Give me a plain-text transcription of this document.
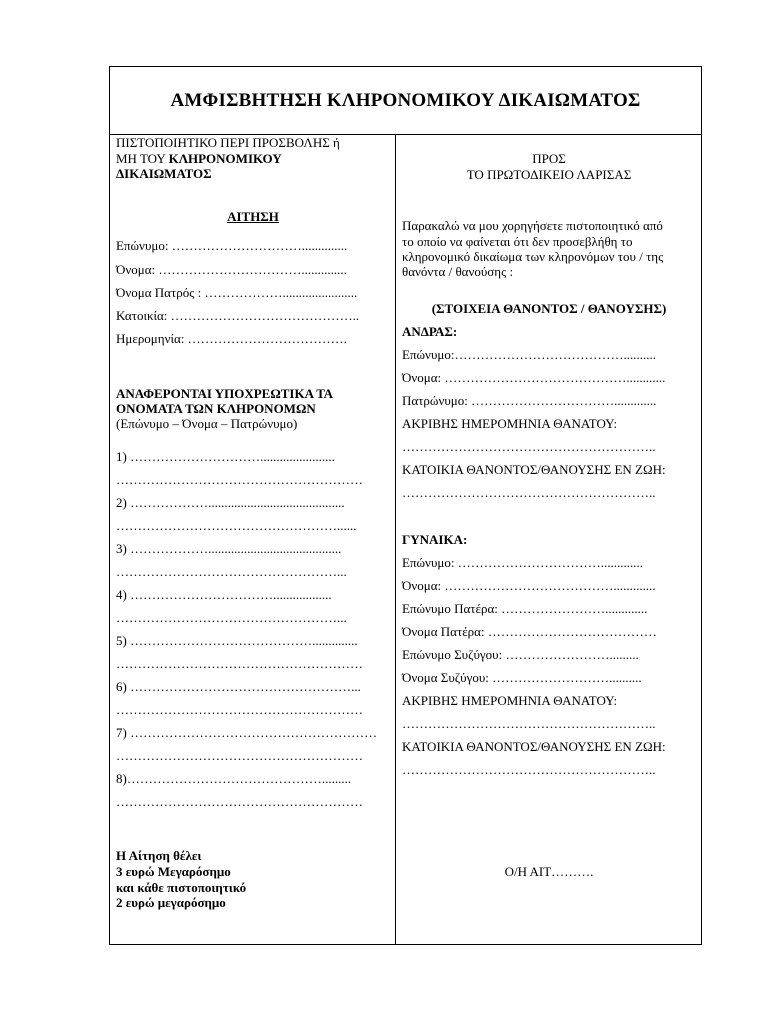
ΑΜΦΙΣΒΗΤΗΣΗ ΚΛΗΡΟΝΟΜΙΚΟΥ ΔΙΚΑΙΩΜΑΤΟΣ
ΠΙΣΤΟΠΟΙΗΤΙΚΟ ΠΕΡΙ ΠΡΟΣΒΟΛΗΣ ή
ΜΗ ΤΟΥ ΚΛΗΡΟΝΟΜΙΚΟΥ
ΔΙΚΑΙΩΜΑΤΟΣ
ΑΙΤΗΣΗ
Επώνυμο: …………………………..............
Όνομα: ……………………………..............
Όνομα Πατρός : ……………….......................
Κατοικία: ……………………………………..
Ημερομηνία: ……………………………….
ΑΝΑΦΕΡΟΝΤΑΙ ΥΠΟΧΡΕΩΤΙΚΑ ΤΑ
ΟΝΟΜΑΤΑ ΤΩΝ ΚΛΗΡΟΝΟΜΩΝ
(Επώνυμο – Όνομα – Πατρώνυμο)
1) ………………………….......................
…………………………………………………
2) ………………..........................................
……………………………………………......
3) ……………….........................................
……………………………………………...
4) ……………………………..................
……………………………………………...
5) ……………………………………..............
…………………………………………………
6) ……………………………………………...
…………………………………………………
7) …………………………………………………
…………………………………………………
8)……………………………………….........
…………………………………………………
Η Αίτηση θέλει
3 ευρώ Μεγαρόσημο
και κάθε πιστοποιητικό
2 ευρώ μεγαρόσημο
ΠΡΟΣ
ΤΟ ΠΡΩΤΟΔΙΚΕΙΟ ΛΑΡΙΣΑΣ
Παρακαλώ να μου χορηγήσετε πιστοποιητικό από
το οποίο να φαίνεται ότι δεν προσεβλήθη το
κληρονομικό δικαίωμα των κληρονόμων του / της
θανόντα / θανούσης :
(ΣΤΟΙΧΕΙΑ ΘΑΝΟΝΤΟΣ / ΘΑΝΟΥΣΗΣ)
ΑΝΔΡΑΣ:
Επώνυμο:…………………………………..........
Όνομα: ……………………………………............
Πατρώνυμο: …………………………….............
ΑΚΡΙΒΗΣ ΗΜΕΡΟΜΗΝΙΑ ΘΑΝΑΤΟΥ:
…………………………………………………..
ΚΑΤΟΙΚΙΑ ΘΑΝΟΝΤΟΣ/ΘΑΝΟΥΣΗΣ ΕΝ ΖΩΗ:
…………………………………………………..
ΓΥΝΑΙΚΑ:
Επώνυμο: …………………………….............
Όνομα: ………………………………….............
Επώνυμο Πατέρα: …………………….............
Όνομα Πατέρα: …………………………………
Επώνυμο Συζύγου: …………………….........
Όνομα Συζύγου: ………………………..........
ΑΚΡΙΒΗΣ ΗΜΕΡΟΜΗΝΙΑ ΘΑΝΑΤΟΥ:
…………………………………………………..
ΚΑΤΟΙΚΙΑ ΘΑΝΟΝΤΟΣ/ΘΑΝΟΥΣΗΣ ΕΝ ΖΩΗ:
…………………………………………………..
Ο/Η ΑΙΤ……….
